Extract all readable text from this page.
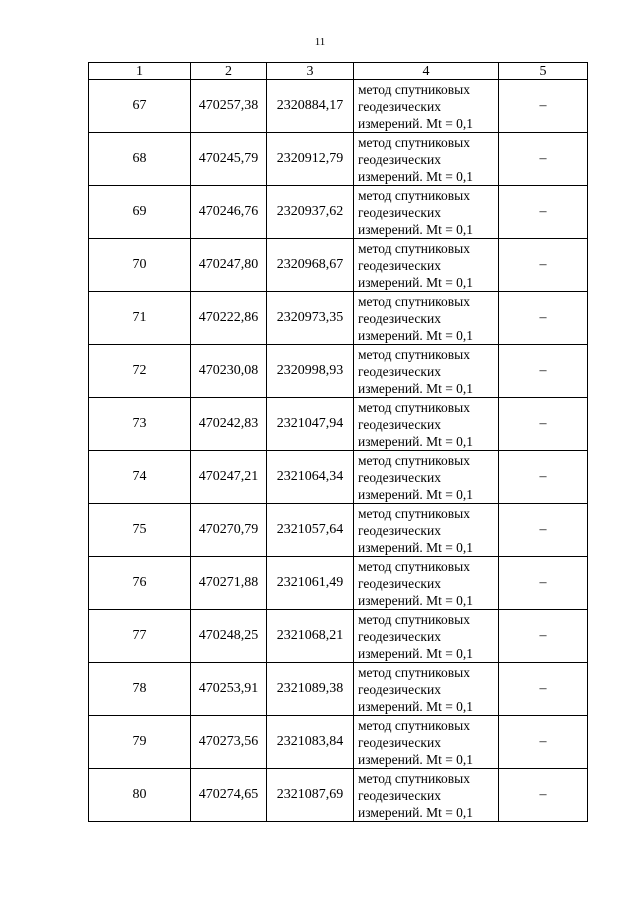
11
1	2	3	4	5
67	470257,38	2320884,17	метод спутниковых
геодезических
измерений. Mt = 0,1	–
68	470245,79	2320912,79	метод спутниковых
геодезических
измерений. Mt = 0,1	–
69	470246,76	2320937,62	метод спутниковых
геодезических
измерений. Mt = 0,1	–
70	470247,80	2320968,67	метод спутниковых
геодезических
измерений. Mt = 0,1	–
71	470222,86	2320973,35	метод спутниковых
геодезических
измерений. Mt = 0,1	–
72	470230,08	2320998,93	метод спутниковых
геодезических
измерений. Mt = 0,1	–
73	470242,83	2321047,94	метод спутниковых
геодезических
измерений. Mt = 0,1	–
74	470247,21	2321064,34	метод спутниковых
геодезических
измерений. Mt = 0,1	–
75	470270,79	2321057,64	метод спутниковых
геодезических
измерений. Mt = 0,1	–
76	470271,88	2321061,49	метод спутниковых
геодезических
измерений. Mt = 0,1	–
77	470248,25	2321068,21	метод спутниковых
геодезических
измерений. Mt = 0,1	–
78	470253,91	2321089,38	метод спутниковых
геодезических
измерений. Mt = 0,1	–
79	470273,56	2321083,84	метод спутниковых
геодезических
измерений. Mt = 0,1	–
80	470274,65	2321087,69	метод спутниковых
геодезических
измерений. Mt = 0,1	–
